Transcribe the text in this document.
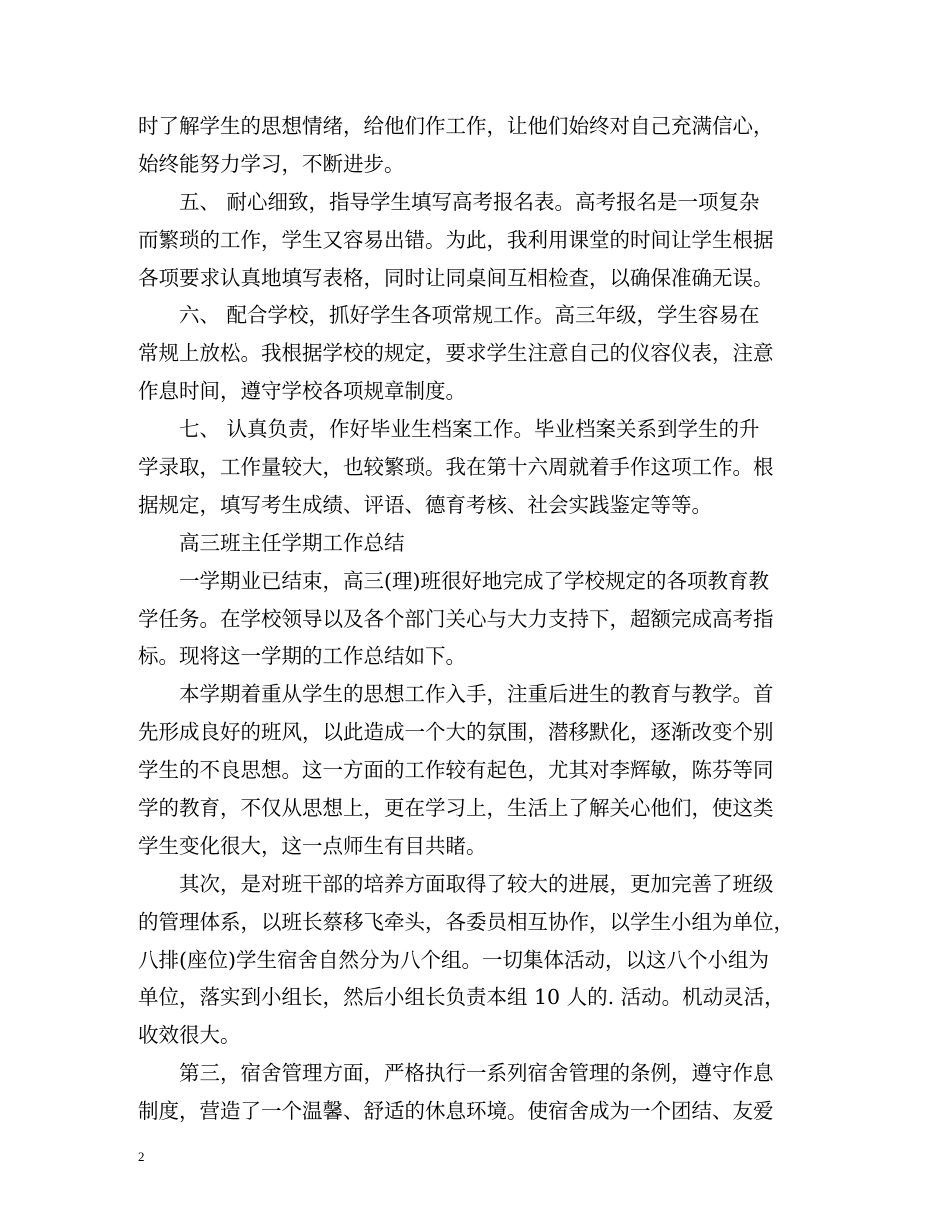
时了解学生的思想情绪，给他们作工作，让他们始终对自己充满信心，
始终能努力学习，不断进步。
五、 耐心细致，指导学生填写高考报名表。高考报名是一项复杂
而繁琐的工作，学生又容易出错。为此，我利用课堂的时间让学生根据
各项要求认真地填写表格，同时让同桌间互相检查，以确保准确无误。
六、 配合学校，抓好学生各项常规工作。高三年级，学生容易在
常规上放松。我根据学校的规定，要求学生注意自己的仪容仪表，注意
作息时间，遵守学校各项规章制度。
七、 认真负责，作好毕业生档案工作。毕业档案关系到学生的升
学录取，工作量较大，也较繁琐。我在第十六周就着手作这项工作。根
据规定，填写考生成绩、评语、德育考核、社会实践鉴定等等。
高三班主任学期工作总结
一学期业已结束，高三(理)班很好地完成了学校规定的各项教育教
学任务。在学校领导以及各个部门关心与大力支持下，超额完成高考指
标。现将这一学期的工作总结如下。
本学期着重从学生的思想工作入手，注重后进生的教育与教学。首
先形成良好的班风，以此造成一个大的氛围，潜移默化，逐渐改变个别
学生的不良思想。这一方面的工作较有起色，尤其对李辉敏，陈芬等同
学的教育，不仅从思想上，更在学习上，生活上了解关心他们，使这类
学生变化很大，这一点师生有目共睹。
其次，是对班干部的培养方面取得了较大的进展，更加完善了班级
的管理体系，以班长蔡移飞牵头，各委员相互协作，以学生小组为单位，
八排(座位)学生宿舍自然分为八个组。一切集体活动，以这八个小组为
单位，落实到小组长，然后小组长负责本组 10 人的. 活动。机动灵活，
收效很大。
第三，宿舍管理方面，严格执行一系列宿舍管理的条例，遵守作息
制度，营造了一个温馨、舒适的休息环境。使宿舍成为一个团结、友爱
2
